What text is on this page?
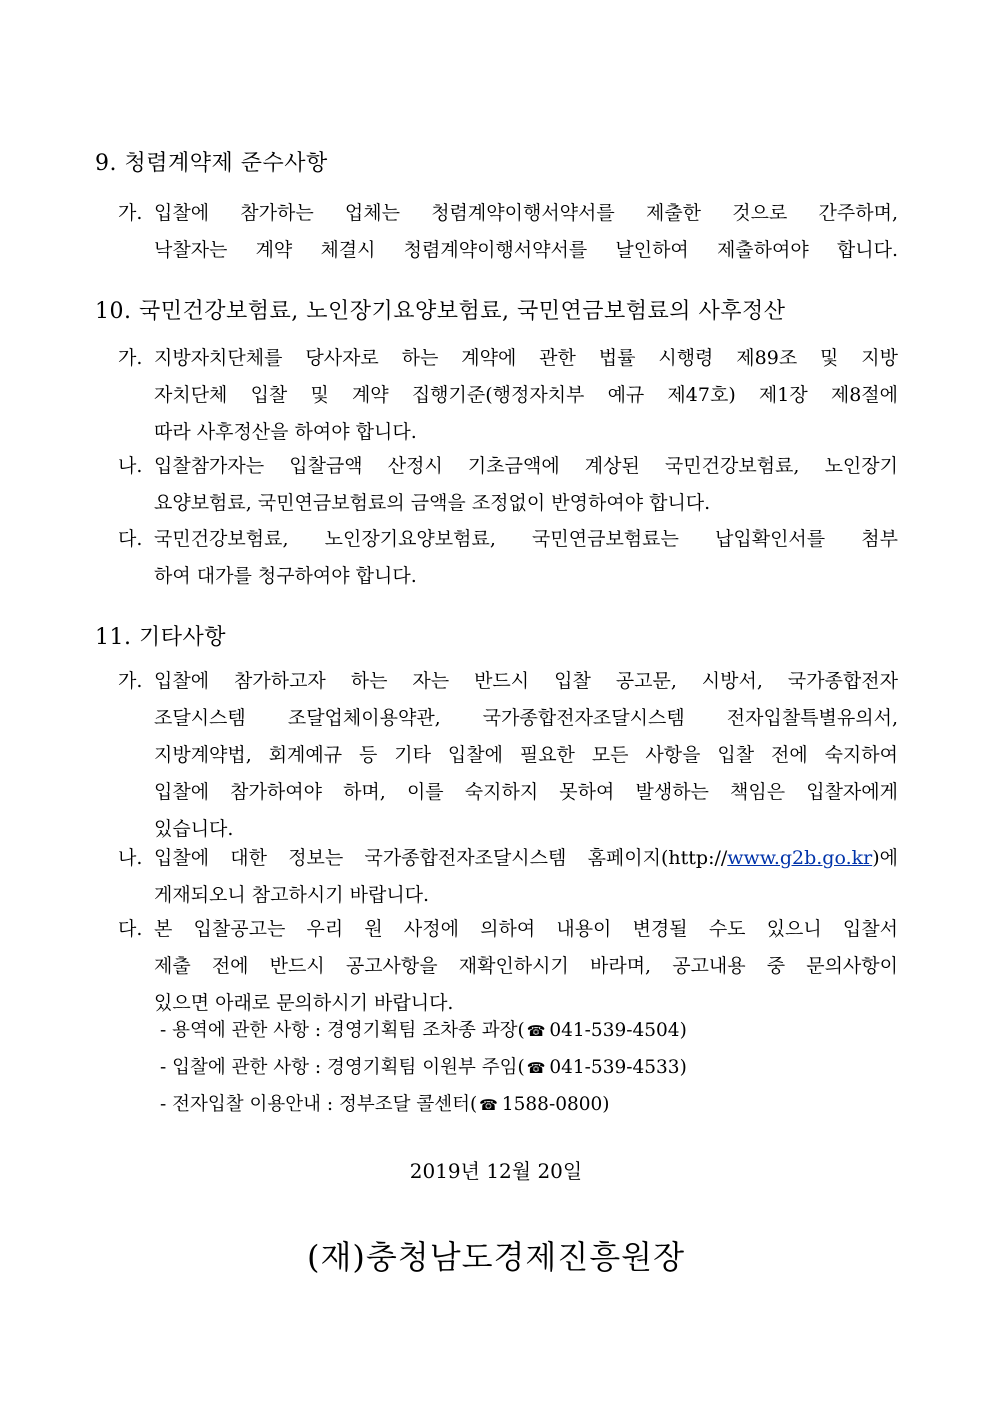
9. 청렴계약제 준수사항
가. 입찰에 참가하는 업체는 청렴계약이행서약서를 제출한 것으로 간주하며,
낙찰자는 계약 체결시 청렴계약이행서약서를 날인하여 제출하여야 합니다.
10. 국민건강보험료, 노인장기요양보험료, 국민연금보험료의 사후정산
가. 지방자치단체를 당사자로 하는 계약에 관한 법률 시행령 제89조 및 지방
자치단체 입찰 및 계약 집행기준(행정자치부 예규 제47호) 제1장 제8절에
따라 사후정산을 하여야 합니다.
나. 입찰참가자는 입찰금액 산정시 기초금액에 계상된 국민건강보험료, 노인장기
요양보험료, 국민연금보험료의 금액을 조정없이 반영하여야 합니다.
다. 국민건강보험료, 노인장기요양보험료, 국민연금보험료는 납입확인서를 첨부
하여 대가를 청구하여야 합니다.
11. 기타사항
가. 입찰에 참가하고자 하는 자는 반드시 입찰 공고문, 시방서, 국가종합전자
조달시스템 조달업체이용약관, 국가종합전자조달시스템 전자입찰특별유의서,
지방계약법, 회계예규 등 기타 입찰에 필요한 모든 사항을 입찰 전에 숙지하여
입찰에 참가하여야 하며, 이를 숙지하지 못하여 발생하는 책임은 입찰자에게
있습니다.
나. 입찰에 대한 정보는 국가종합전자조달시스템 홈페이지(http://www.g2b.go.kr)에
게재되오니 참고하시기 바랍니다.
다. 본 입찰공고는 우리 원 사정에 의하여 내용이 변경될 수도 있으니 입찰서
제출 전에 반드시 공고사항을 재확인하시기 바라며, 공고내용 중 문의사항이
있으면 아래로 문의하시기 바랍니다.
- 용역에 관한 사항 : 경영기획팀 조차종 과장( ☎ 041-539-4504)
- 입찰에 관한 사항 : 경영기획팀 이원부 주임( ☎ 041-539-4533)
- 전자입찰 이용안내 : 정부조달 콜센터( ☎ 1588-0800)
2019년 12월 20일
(재)충청남도경제진흥원장
